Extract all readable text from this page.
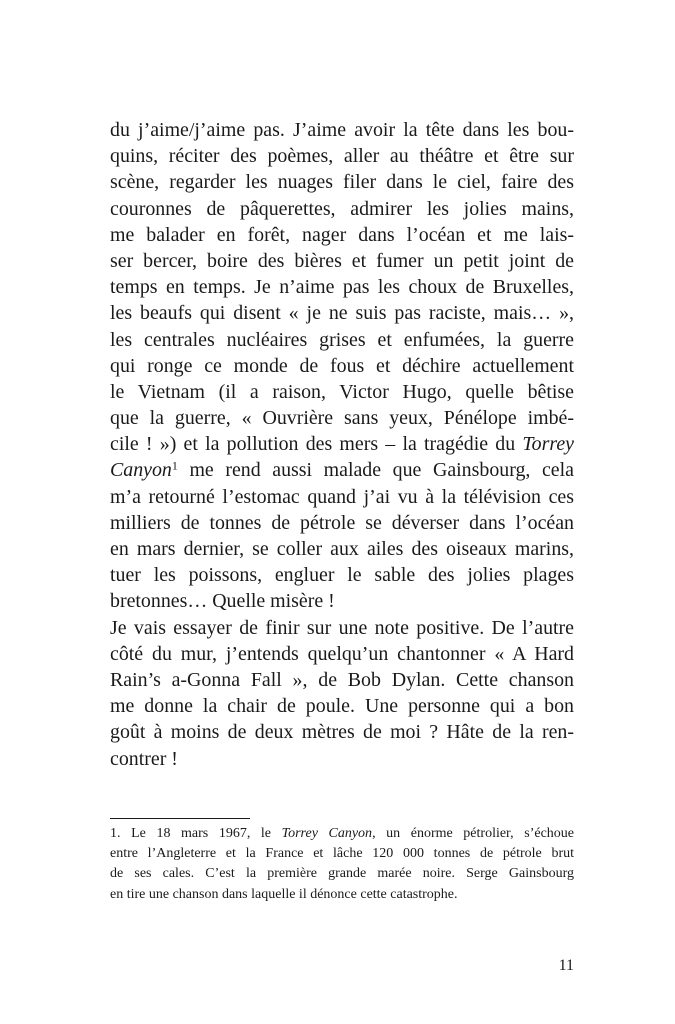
du j’aime/j’aime pas. J’aime avoir la tête dans les bou-
quins, réciter des poèmes, aller au théâtre et être sur
scène, regarder les nuages filer dans le ciel, faire des
couronnes de pâquerettes, admirer les jolies mains,
me balader en forêt, nager dans l’océan et me lais-
ser bercer, boire des bières et fumer un petit joint de
temps en temps. Je n’aime pas les choux de Bruxelles,
les beaufs qui disent « je ne suis pas raciste, mais… »,
les centrales nucléaires grises et enfumées, la guerre
qui ronge ce monde de fous et déchire actuellement
le Vietnam (il a raison, Victor Hugo, quelle bêtise
que la guerre, « Ouvrière sans yeux, Pénélope imbé-
cile ! ») et la pollution des mers – la tragédie du Torrey
Canyon$^1$ me rend aussi malade que Gainsbourg, cela
m’a retourné l’estomac quand j’ai vu à la télévision ces
milliers de tonnes de pétrole se déverser dans l’océan
en mars dernier, se coller aux ailes des oiseaux marins,
tuer les poissons, engluer le sable des jolies plages
bretonnes… Quelle misère !
Je vais essayer de finir sur une note positive. De l’autre
côté du mur, j’entends quelqu’un chantonner « A Hard
Rain’s a-Gonna Fall », de Bob Dylan. Cette chanson
me donne la chair de poule. Une personne qui a bon
goût à moins de deux mètres de moi ? Hâte de la ren-
contrer !
1. Le 18 mars 1967, le Torrey Canyon, un énorme pétrolier, s’échoue
entre l’Angleterre et la France et lâche 120 000 tonnes de pétrole brut
de ses cales. C’est la première grande marée noire. Serge Gainsbourg
en tire une chanson dans laquelle il dénonce cette catastrophe.
11
